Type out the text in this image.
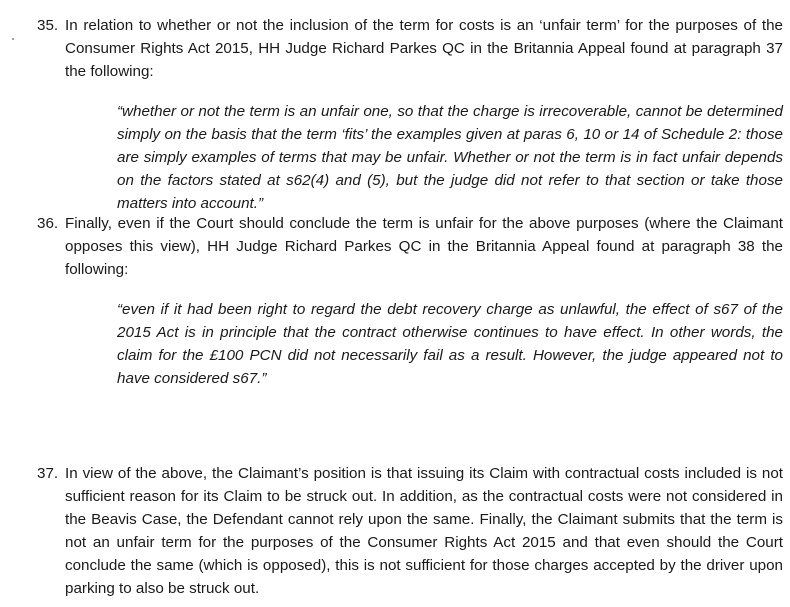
35. In relation to whether or not the inclusion of the term for costs is an ‘unfair term’ for the purposes of the Consumer Rights Act 2015, HH Judge Richard Parkes QC in the Britannia Appeal found at paragraph 37 the following:
“whether or not the term is an unfair one, so that the charge is irrecoverable, cannot be determined simply on the basis that the term ‘fits’ the examples given at paras 6, 10 or 14 of Schedule 2: those are simply examples of terms that may be unfair. Whether or not the term is in fact unfair depends on the factors stated at s62(4) and (5), but the judge did not refer to that section or take those matters into account.”
36. Finally, even if the Court should conclude the term is unfair for the above purposes (where the Claimant opposes this view), HH Judge Richard Parkes QC in the Britannia Appeal found at paragraph 38 the following:
“even if it had been right to regard the debt recovery charge as unlawful, the effect of s67 of the 2015 Act is in principle that the contract otherwise continues to have effect. In other words, the claim for the £100 PCN did not necessarily fail as a result. However, the judge appeared not to have considered s67.”
37. In view of the above, the Claimant’s position is that issuing its Claim with contractual costs included is not sufficient reason for its Claim to be struck out. In addition, as the contractual costs were not considered in the Beavis Case, the Defendant cannot rely upon the same. Finally, the Claimant submits that the term is not an unfair term for the purposes of the Consumer Rights Act 2015 and that even should the Court conclude the same (which is opposed), this is not sufficient for those charges accepted by the driver upon parking to also be struck out.
